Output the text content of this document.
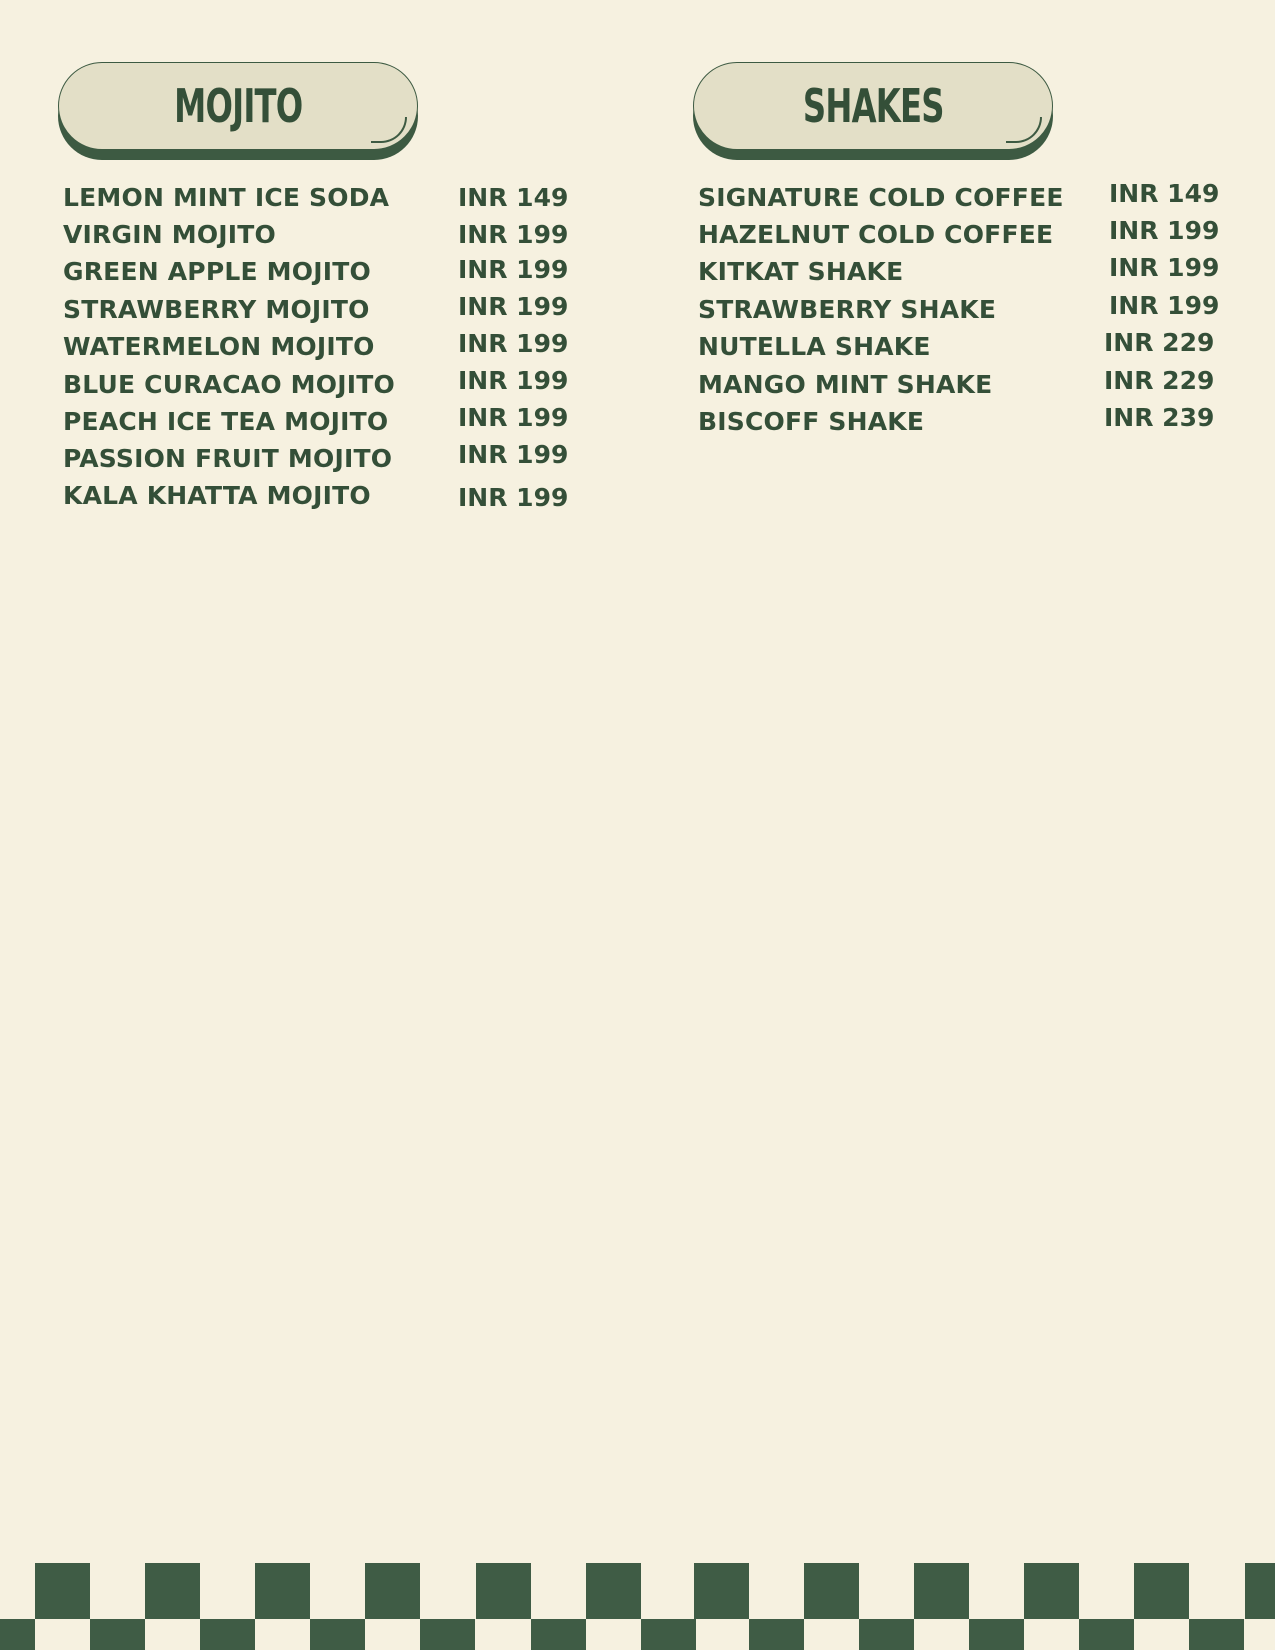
MOJITO
LEMON MINT ICE SODA	INR 149
VIRGIN MOJITO	INR 199
GREEN APPLE MOJITO	INR 199
STRAWBERRY MOJITO	INR 199
WATERMELON MOJITO	INR 199
BLUE CURACAO MOJITO	INR 199
PEACH ICE TEA MOJITO	INR 199
PASSION FRUIT MOJITO	INR 199
KALA KHATTA MOJITO	INR 199
SHAKES
SIGNATURE COLD COFFEE INR 149
HAZELNUT COLD COFFEE INR 199
KITKAT SHAKE	INR 199
STRAWBERRY SHAKE	INR 199
NUTELLA SHAKE	INR 229
MANGO MINT SHAKE	INR 229
BISCOFF SHAKE	INR 239
